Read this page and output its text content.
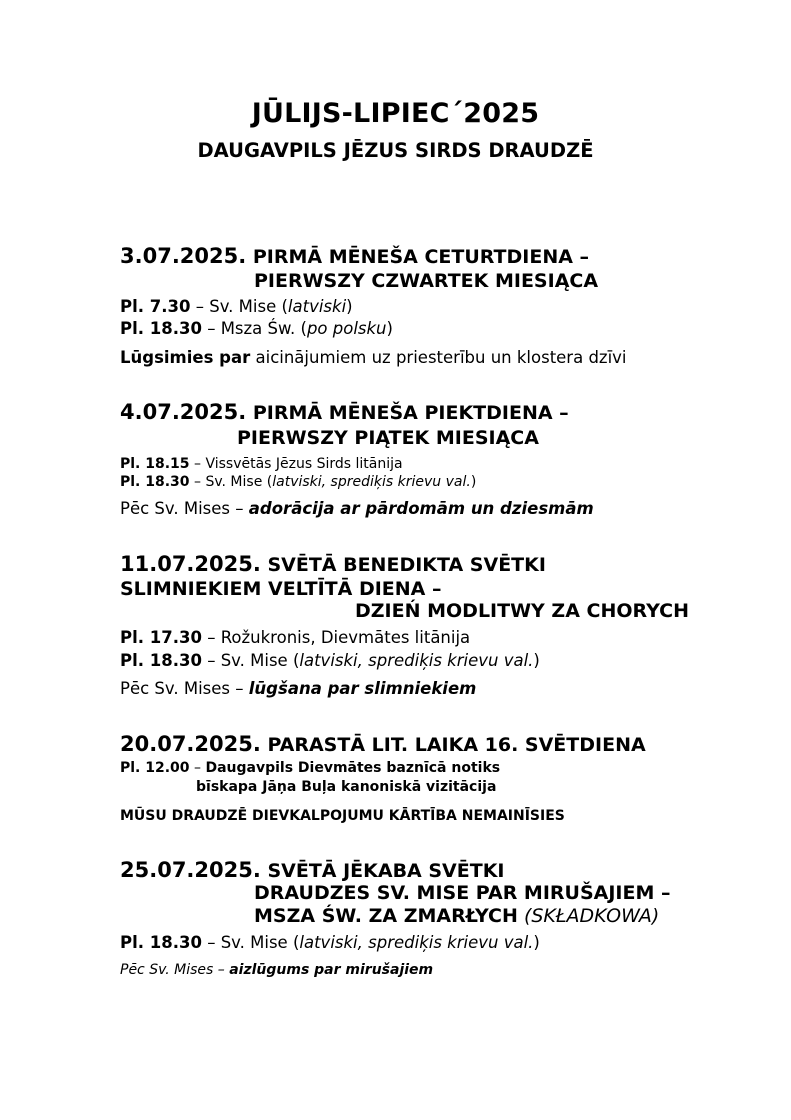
JŪLIJS-LIPIEC´2025
DAUGAVPILS JĒZUS SIRDS DRAUDZĒ
3.07.2025. PIRMĀ MĒNEŠA CETURTDIENA –
PIERWSZY CZWARTEK MIESIĄCA
Pl. 7.30 – Sv. Mise (latviski)
Pl. 18.30 – Msza Św. (po polsku)
Lūgsimies par aicinājumiem uz priesterību un klostera dzīvi
4.07.2025. PIRMĀ MĒNEŠA PIEKTDIENA –
PIERWSZY PIĄTEK MIESIĄCA
Pl. 18.15 – Vissvētās Jēzus Sirds litānija
Pl. 18.30 – Sv. Mise (latviski, sprediķis krievu val.)
Pēc Sv. Mises – adorācija ar pārdomām un dziesmām
11.07.2025. SVĒTĀ BENEDIKTA SVĒTKI
SLIMNIEKIEM VELTĪTĀ DIENA –
DZIEŃ MODLITWY ZA CHORYCH
Pl. 17.30 – Rožukronis, Dievmātes litānija
Pl. 18.30 – Sv. Mise (latviski, sprediķis krievu val.)
Pēc Sv. Mises – lūgšana par slimniekiem
20.07.2025. PARASTĀ LIT. LAIKA 16. SVĒTDIENA
Pl. 12.00 – Daugavpils Dievmātes baznīcā notiks
bīskapa Jāņa Buļa kanoniskā vizitācija
MŪSU DRAUDZĒ DIEVKALPOJUMU KĀRTĪBA NEMAINĪSIES
25.07.2025. SVĒTĀ JĒKABA SVĒTKI
DRAUDZES SV. MISE PAR MIRUŠAJIEM –
MSZA ŚW. ZA ZMARŁYCH (SKŁADKOWA)
Pl. 18.30 – Sv. Mise (latviski, sprediķis krievu val.)
Pēc Sv. Mises – aizlūgums par mirušajiem
